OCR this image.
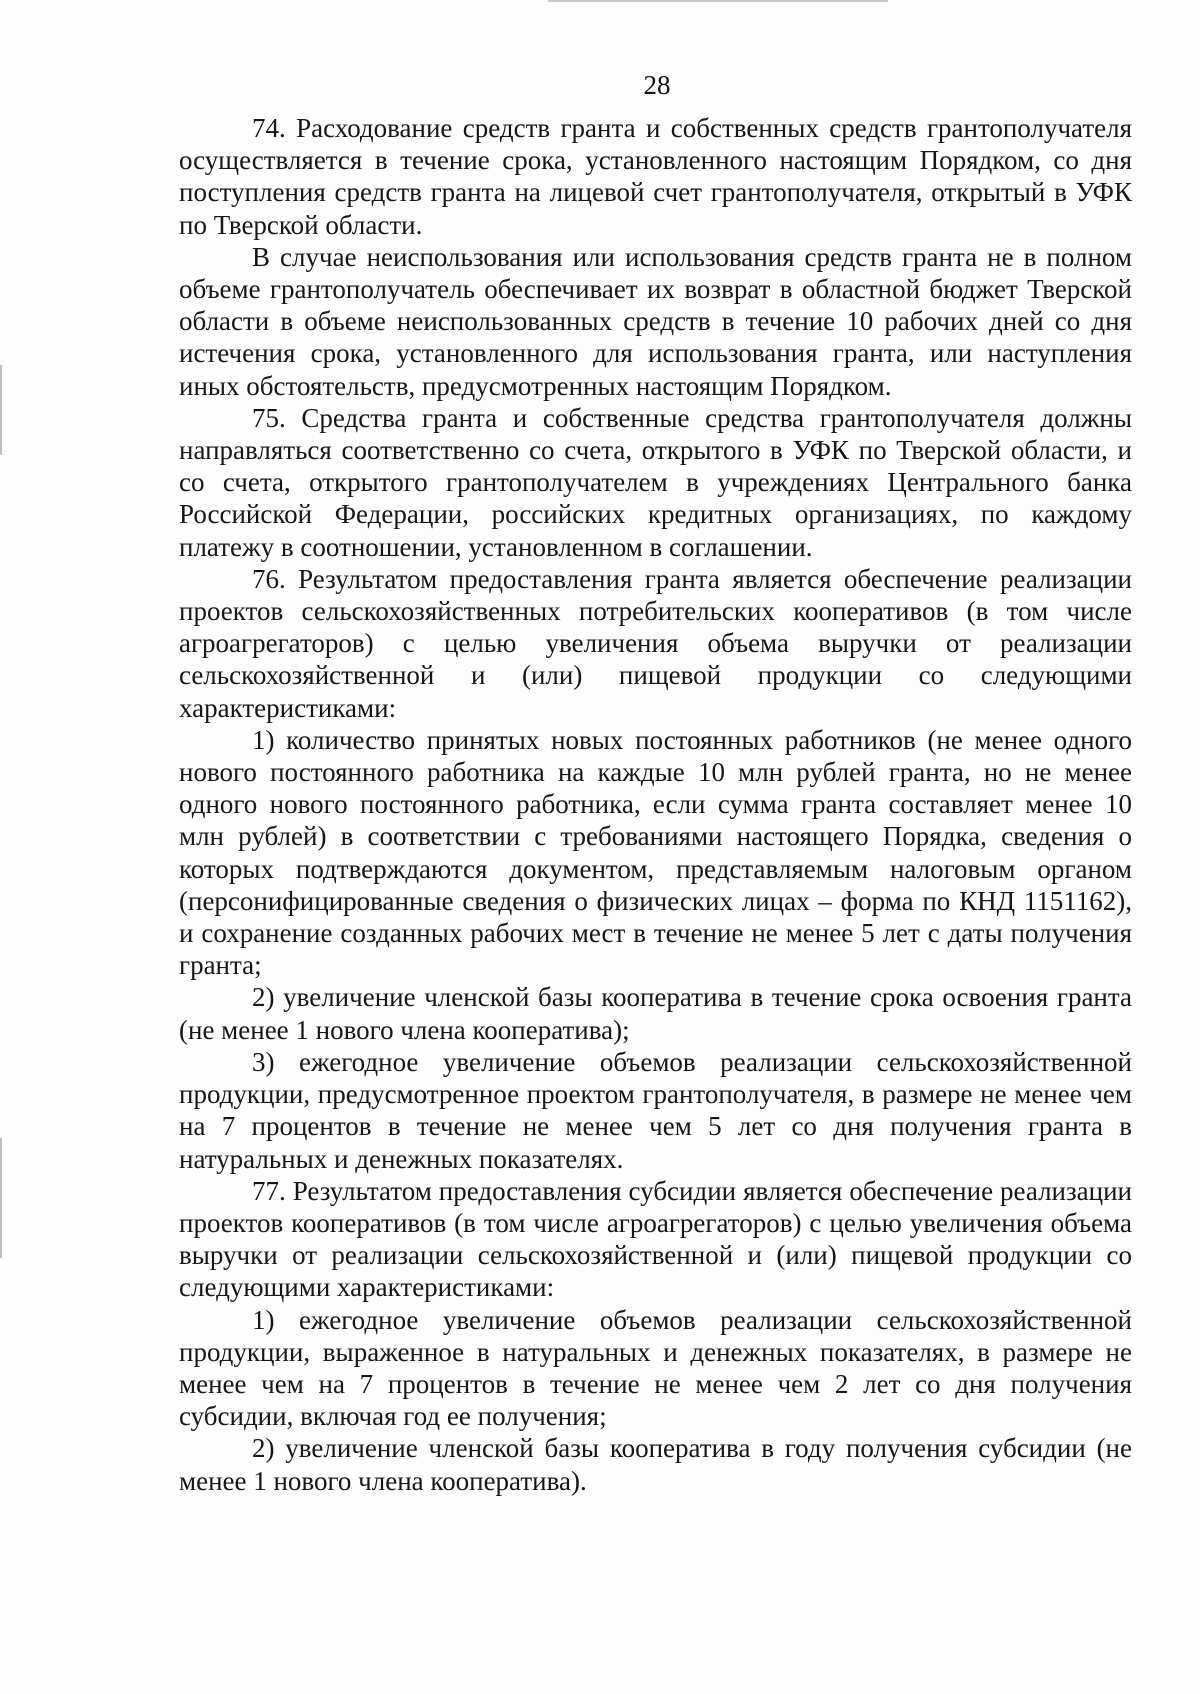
28

74. Расходование средств гранта и собственных средств грантополучателя осуществляется в течение срока, установленного настоящим Порядком, со дня поступления средств гранта на лицевой счет грантополучателя, открытый в УФК по Тверской области.

В случае неиспользования или использования средств гранта не в полном объеме грантополучатель обеспечивает их возврат в областной бюджет Тверской области в объеме неиспользованных средств в течение 10 рабочих дней со дня истечения срока, установленного для использования гранта, или наступления иных обстоятельств, предусмотренных настоящим Порядком.

75. Средства гранта и собственные средства грантополучателя должны направляться соответственно со счета, открытого в УФК по Тверской области, и со счета, открытого грантополучателем в учреждениях Центрального банка Российской Федерации, российских кредитных организациях, по каждому платежу в соотношении, установленном в соглашении.

76. Результатом предоставления гранта является обеспечение реализации проектов сельскохозяйственных потребительских кооперативов (в том числе агроагрегаторов) с целью увеличения объема выручки от реализации сельскохозяйственной и (или) пищевой продукции со следующими характеристиками:

1) количество принятых новых постоянных работников (не менее одного нового постоянного работника на каждые 10 млн рублей гранта, но не менее одного нового постоянного работника, если сумма гранта составляет менее 10 млн рублей) в соответствии с требованиями настоящего Порядка, сведения о которых подтверждаются документом, представляемым налоговым органом (персонифицированные сведения о физических лицах – форма по КНД 1151162), и сохранение созданных рабочих мест в течение не менее 5 лет с даты получения гранта;

2) увеличение членской базы кооператива в течение срока освоения гранта (не менее 1 нового члена кооператива);

3) ежегодное увеличение объемов реализации сельскохозяйственной продукции, предусмотренное проектом грантополучателя, в размере не менее чем на 7 процентов в течение не менее чем 5 лет со дня получения гранта в натуральных и денежных показателях.

77. Результатом предоставления субсидии является обеспечение реализации проектов кооперативов (в том числе агроагрегаторов) с целью увеличения объема выручки от реализации сельскохозяйственной и (или) пищевой продукции со следующими характеристиками:

1) ежегодное увеличение объемов реализации сельскохозяйственной продукции, выраженное в натуральных и денежных показателях, в размере не менее чем на 7 процентов в течение не менее чем 2 лет со дня получения субсидии, включая год ее получения;

2) увеличение членской базы кооператива в году получения субсидии (не менее 1 нового члена кооператива).
